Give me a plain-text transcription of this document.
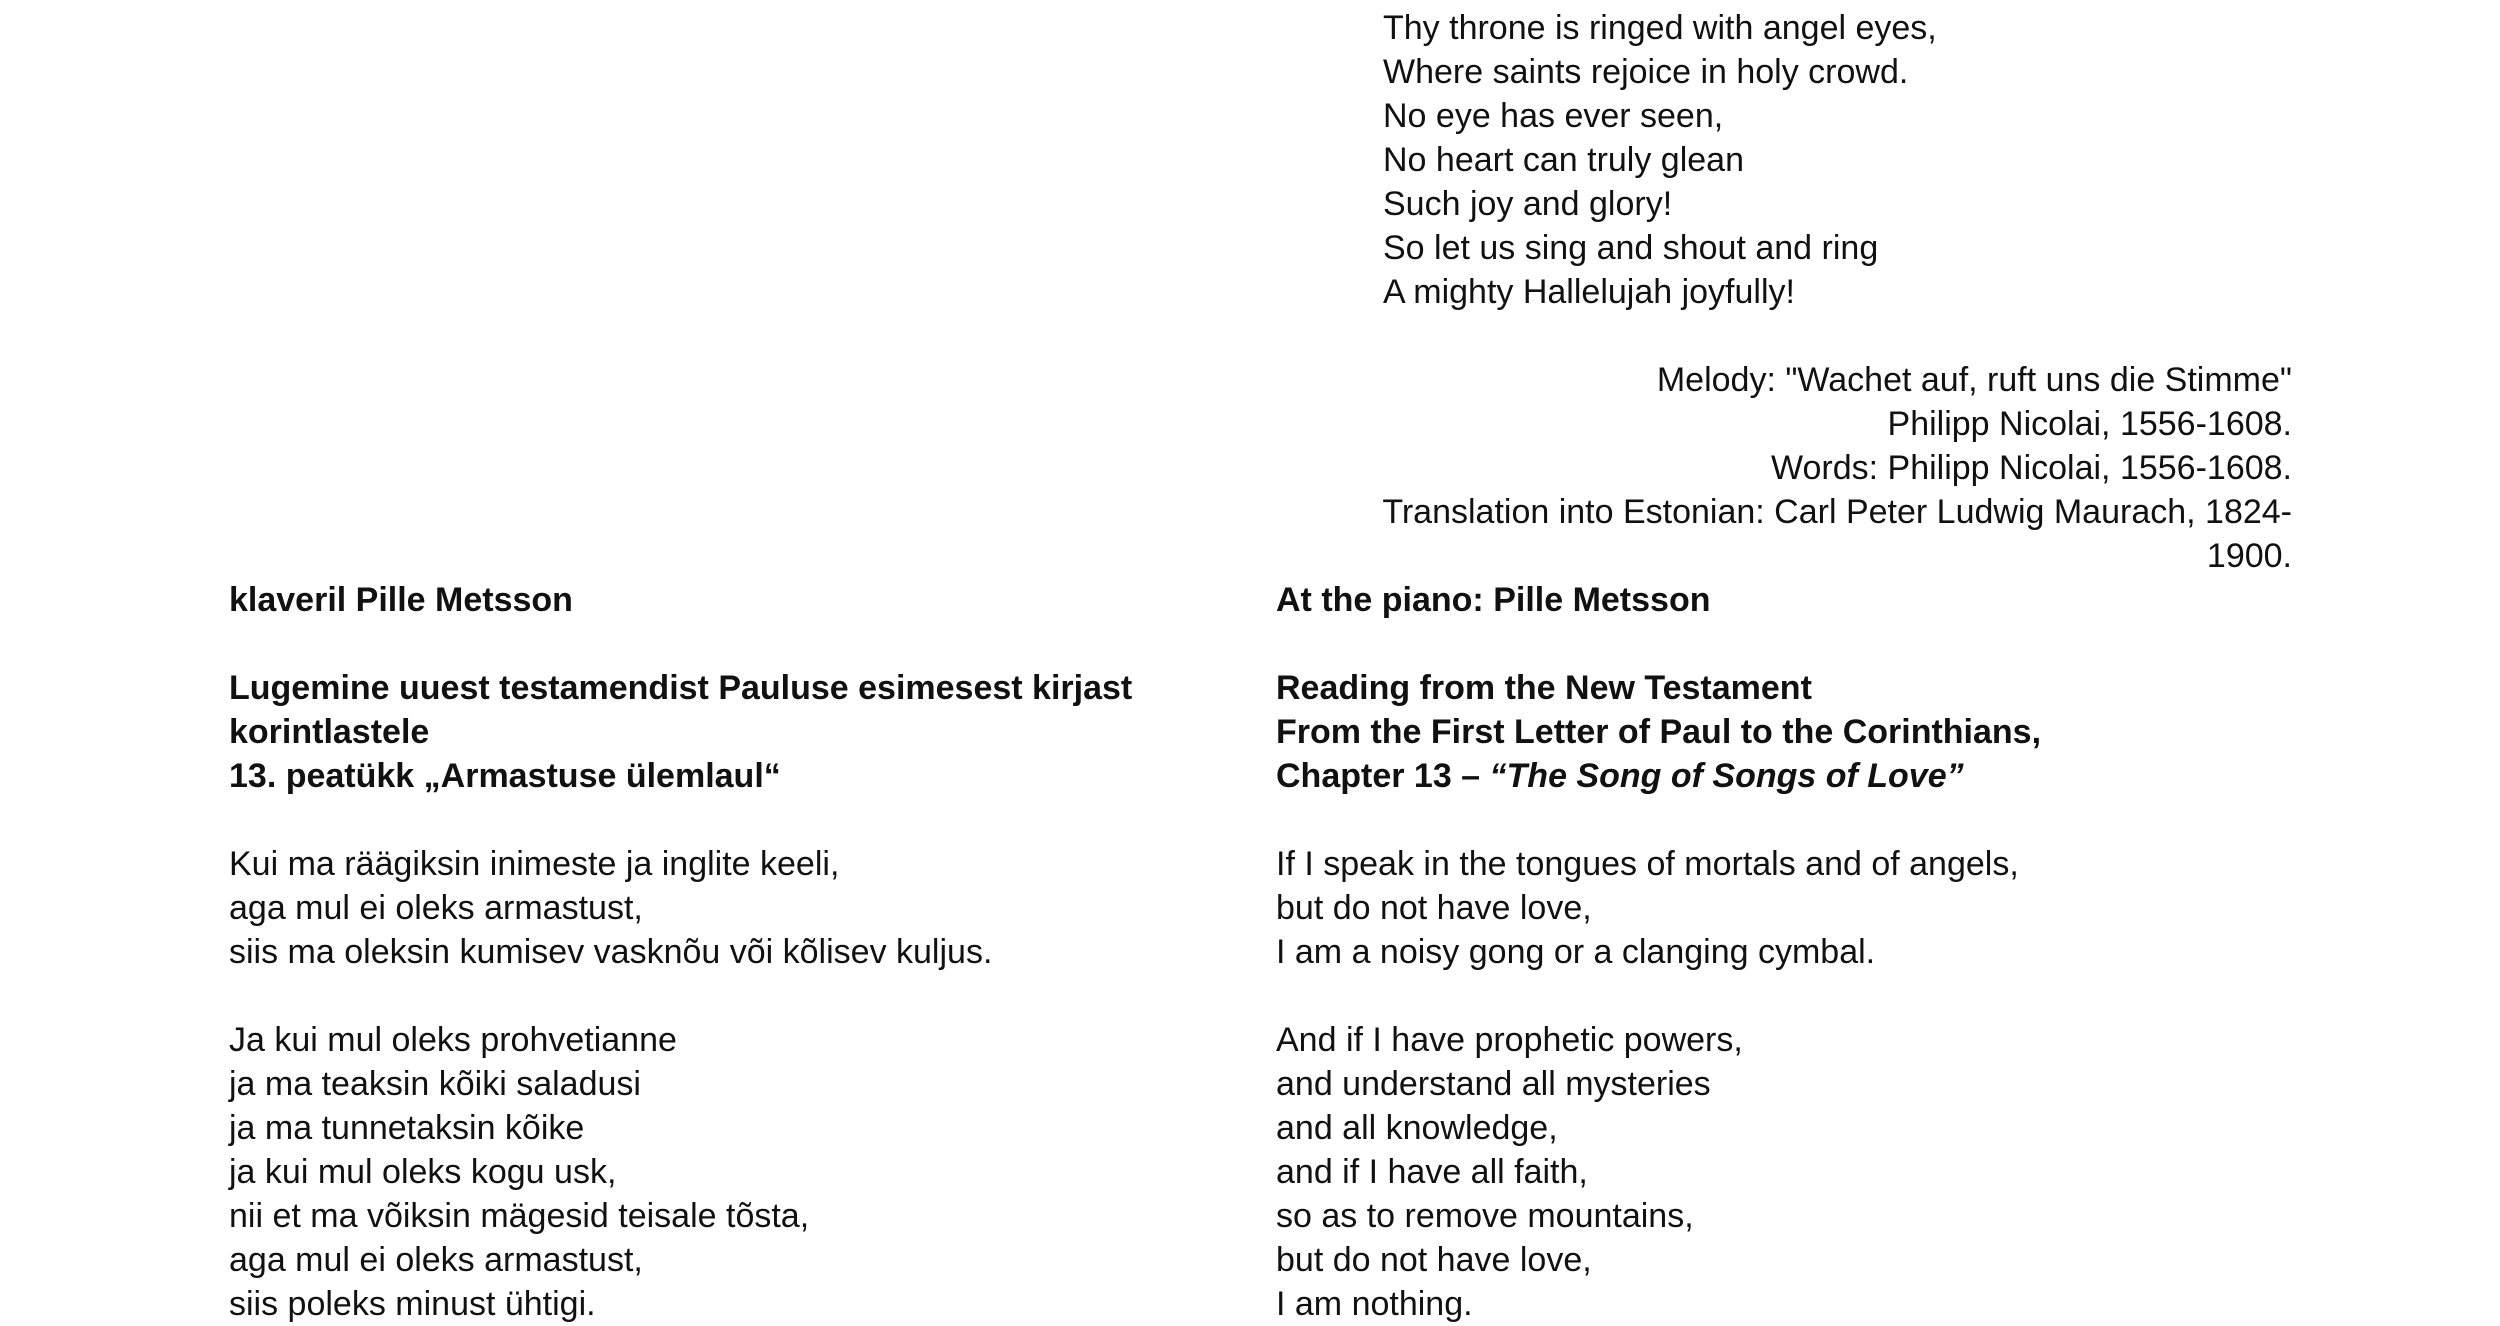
Thy throne is ringed with angel eyes,
Where saints rejoice in holy crowd.
No eye has ever seen,
No heart can truly glean
Such joy and glory!
So let us sing and shout and ring
A mighty Hallelujah joyfully!
Melody: "Wachet auf, ruft uns die Stimme"
Philipp Nicolai, 1556-1608.
Words: Philipp Nicolai, 1556-1608.
Translation into Estonian: Carl Peter Ludwig Maurach, 1824-
1900.
klaveril Pille Metsson
Lugemine uuest testamendist Pauluse esimesest kirjast
korintlastele
13. peatükk „Armastuse ülemlaul“
Kui ma räägiksin inimeste ja inglite keeli,
aga mul ei oleks armastust,
siis ma oleksin kumisev vasknõu või kõlisev kuljus.
Ja kui mul oleks prohvetianne
ja ma teaksin kõiki saladusi
ja ma tunnetaksin kõike
ja kui mul oleks kogu usk,
nii et ma võiksin mägesid teisale tõsta,
aga mul ei oleks armastust,
siis poleks minust ühtigi.
At the piano: Pille Metsson
Reading from the New Testament
From the First Letter of Paul to the Corinthians,
Chapter 13 – “The Song of Songs of Love”
If I speak in the tongues of mortals and of angels,
but do not have love,
I am a noisy gong or a clanging cymbal.
And if I have prophetic powers,
and understand all mysteries
and all knowledge,
and if I have all faith,
so as to remove mountains,
but do not have love,
I am nothing.
